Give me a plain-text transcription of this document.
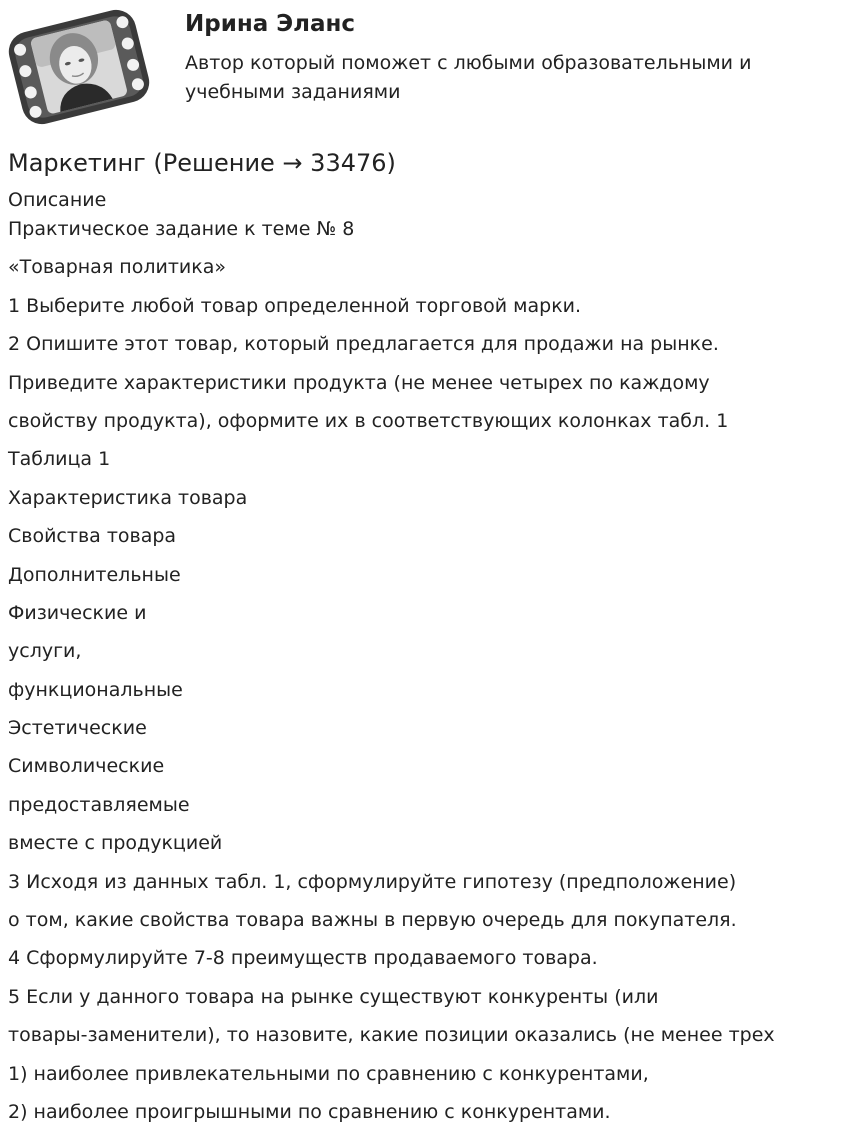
Ирина Эланс
Автор который поможет с любыми образовательными и учебными заданиями
Маркетинг (Решение → 33476)
Описание
Практическое задание к теме № 8
«Товарная политика»
1 Выберите любой товар определенной торговой марки.
2 Опишите этот товар, который предлагается для продажи на рынке.
Приведите характеристики продукта (не менее четырех по каждому
свойству продукта), оформите их в соответствующих колонках табл. 1
Таблица 1
Характеристика товара
Свойства товара
Дополнительные
Физические и
услуги,
функциональные
Эстетические
Символические
предоставляемые
вместе с продукцией
3 Исходя из данных табл. 1, сформулируйте гипотезу (предположение)
о том, какие свойства товара важны в первую очередь для покупателя.
4 Сформулируйте 7-8 преимуществ продаваемого товара.
5 Если у данного товара на рынке существуют конкуренты (или
товары-заменители), то назовите, какие позиции оказались (не менее трех
1) наиболее привлекательными по сравнению с конкурентами,
2) наиболее проигрышными по сравнению с конкурентами.
